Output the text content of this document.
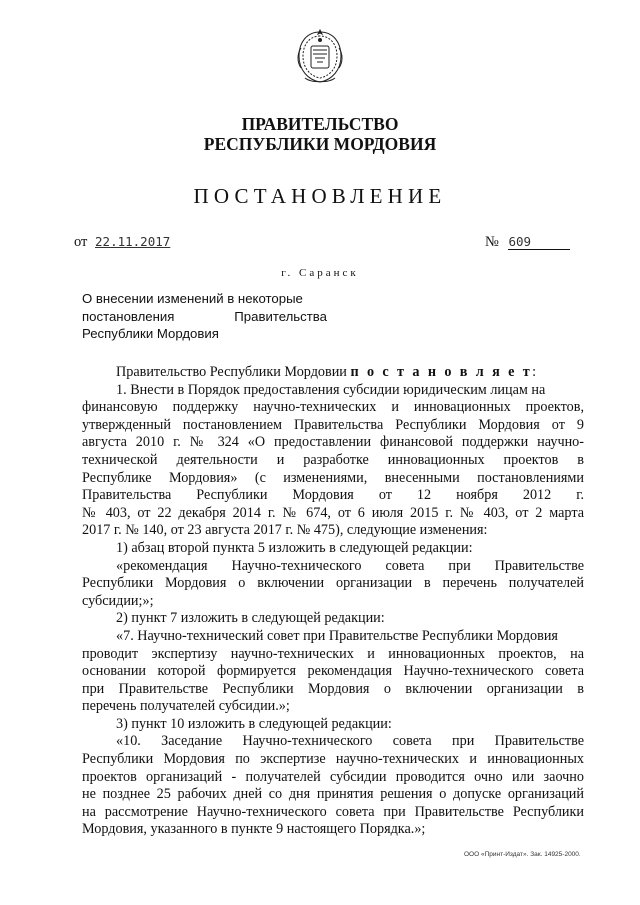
ПРАВИТЕЛЬСТВО
РЕСПУБЛИКИ МОРДОВИЯ
ПОСТАНОВЛЕНИЕ
от 22.11.2017	№ 609
г. Саранск
О внесении изменений в некоторые
постановления	Правительства
Республики Мордовия
Правительство Республики Мордовии п о с т а н о в л я е т:
1. Внести в Порядок предоставления субсидии юридическим лицам на
финансовую поддержку научно-технических и инновационных проектов,
утвержденный постановлением Правительства Республики Мордовия от 9
августа 2010 г. № 324 «О предоставлении финансовой поддержки научно-
технической деятельности и разработке инновационных проектов в
Республике Мордовия» (с изменениями, внесенными постановлениями
Правительства Республики Мордовия от 12 ноября 2012 г.
№ 403, от 22 декабря 2014 г. № 674, от 6 июля 2015 г. № 403, от 2 марта
2017 г. № 140, от 23 августа 2017 г. № 475), следующие изменения:
1) абзац второй пункта 5 изложить в следующей редакции:
«рекомендация Научно-технического совета при Правительстве
Республики Мордовия о включении организации в перечень получателей
субсидии;»;
2) пункт 7 изложить в следующей редакции:
«7. Научно-технический совет при Правительстве Республики Мордовия
проводит экспертизу научно-технических и инновационных проектов, на
основании которой формируется рекомендация Научно-технического совета
при Правительстве Республики Мордовия о включении организации в
перечень получателей субсидии.»;
3) пункт 10 изложить в следующей редакции:
«10. Заседание Научно-технического совета при Правительстве
Республики Мордовия по экспертизе научно-технических и инновационных
проектов организаций - получателей субсидии проводится очно или заочно
не позднее 25 рабочих дней со дня принятия решения о допуске организаций
на рассмотрение Научно-технического совета при Правительстве Республики
Мордовия, указанного в пункте 9 настоящего Порядка.»;
ООО «Принт-Издат». Зак. 14925-2000.
